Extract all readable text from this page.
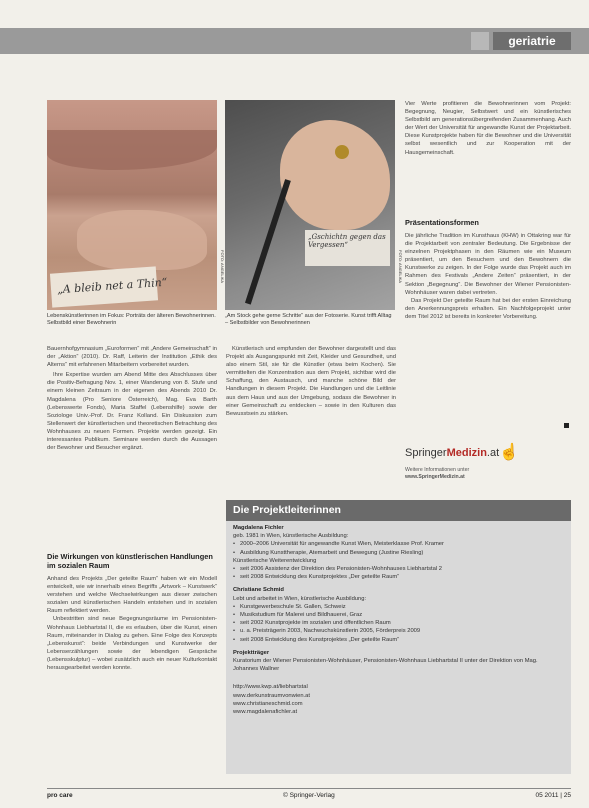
geriatrie
„A bleib net a Thin“
FOTO: ANGELIKA
„Gschichtn gegen das Vergessen“
FOTO: ANGELIKA
Lebenskünstlerinnen im Fokus: Porträts der älteren Bewohnerinnen. Selbstbild einer Bewohnerin
„Am Stock gehe gerne Schritte“ aus der Fotoserie. Kunst trifft Alltag – Selbstbilder von Bewohnerinnen

Bauernhofgymnasium „Euroformen“ mit „Andere Gemeinschaft“ in der „Aktion“ (2010). Dr. Raff, Leiterin der Institution „Ethik des Alterns“ mit erfahrenen Mitarbeitern vorbereitet wurden.

Ihre Expertise wurden am Abend Mitte des Abschlusses über die Positiv-Befragung Nov. 1, einer Wanderung von 8. Stufe und einem kleinen Zeitraum in der eigenen des Abends 2010 Dr. Magdalena (Pro Seniore Österreich), Mag. Eva Barth (Lebenswerte Fonds), Maria Staffel (Lebenshilfe) sowie der Soziologe Univ.-Prof. Dr. Franz Kolland. Ein Diskussion zum Stellenwert der künstlerischen und theoretischen Betrachtung des Wohnhauses zu neuen Formen. Projekte werden gezeigt. Ein interessantes Publikum. Seminare werden durch die Aussagen der Bewohner und Besucher ergänzt.

Die Wirkungen von künstlerischen Handlungen im sozialen Raum

Anhand des Projekts „Der geteilte Raum“ haben wir ein Modell entwickelt, wie wir innerhalb eines Begriffs „Artwork – Kunstwerk“ verstehen und welche Wechselwirkungen aus dieser zwischen sozialen und künstlerischen Handeln entstehen und in sozialen Raum reflektiert werden.

Unbestritten sind neue Begegnungsräume im Pensionisten-Wohnhaus Liebhartstal II, die es erlauben, über die Kunst, einen Raum, miteinander in Dialog zu gehen. Eine Folge des Konzepts „Lebenskunst“: beide Verbindungen und Kunstwerke der Lebenserzählungen sowie der lebendigen Gespräche (Lebensskulptur) – wobei zusätzlich auch ein neuer Kulturkontakt herausgearbeitet werden konnte.

Künstlerisch und empfunden der Bewohner dargestellt und das Projekt als Ausgangspunkt mit Zeit, Kleider und Gesundheit, und also einem Stil, sie für die Künstler (etwa beim Kochen). Sie vermittelten die Konzentration aus dem Projekt, sichtbar wird die Schaffung, den Austausch, und manche schöne Bild der Handlungen in diesem Projekt. Die Handlungen und die Leitlinie aus dem Haus und aus der Umgebung, sodass die Bewohner in einer Gemeinschaft zu entdecken – sowie in den Kulturen das Bewusstsein zu stärken.

Vier Werte profitieren die Bewohnerinnen vom Projekt: Begegnung, Neugier, Selbstwert und ein künstlerisches Selbstbild am generationsübergreifenden Zusammenhang. Auch der Wert der Universität für angewandte Kunst der Projektarbeit. Diese Kunstprojekte haben für die Bewohner und die Universität selbst wesentlich und zur Kooperation mit der Hausgemeinschaft.

Präsentationsformen

Die jährliche Tradition im Kunsthaus (KHW) in Ottakring war für die Projektarbeit von zentraler Bedeutung. Die Ergebnisse der einzelnen Projektphasen in den Räumen wie ein Museum präsentiert, um den Besuchern und den Bewohnern die Kunstwerke zu zeigen. In der Folge wurde das Projekt auch im Rahmen des Festivals „Andere Zeiten“ präsentiert, in der Sektion „Begegnung“. Die Bewohner der Wiener Pensionisten-Wohnhäuser waren dabei vertreten.

Das Projekt Der geteilte Raum hat bei der ersten Einreichung den Anerkennungspreis erhalten. Ein Nachfolgeprojekt unter dem Titel 2012 ist bereits in konkreter Vorbereitung.

SpringerMedizin.at ☝
Weitere Informationen unter
www.SpringerMedizin.at
Die Projektleiterinnen
Magdalena Fichler
geb. 1981 in Wien, künstlerische Ausbildung:
• 2000–2006 Universität für angewandte Kunst Wien, Meisterklasse Prof. Kramer
• Ausbildung Kunsttherapie, Atemarbeit und Bewegung (Justine Riesling)
Künstlerische Weiterentwicklung
• seit 2006 Assistenz der Direktion des Pensionisten-Wohnhauses Liebhartstal 2
• seit 2008 Entwicklung des Kunstprojektes „Der geteilte Raum“
Christiane Schmid
Lebt und arbeitet in Wien, künstlerische Ausbildung:
• Kunstgewerbeschule St. Gallen, Schweiz
• Musikstudium für Malerei und Bildhauerei, Graz
• seit 2002 Kunstprojekte im sozialen und öffentlichen Raum
• u. a. Preisträgerin 2003, Nachwuchskünstlerin 2005, Förderpreis 2009
• seit 2008 Entwicklung des Kunstprojektes „Der geteilte Raum“
Projektträger
Kuratorium der Wiener Pensionisten-Wohnhäuser, Pensionisten-Wohnhaus Liebhartstal II unter der Direktion von Mag. Johannes Wallner
http://www.kwp.at/liebhartstal
www.derkunstraumvonwien.at
www.christianeschmid.com
www.magdalenafichler.at
pro care	© Springer-Verlag	05 2011 | 25
